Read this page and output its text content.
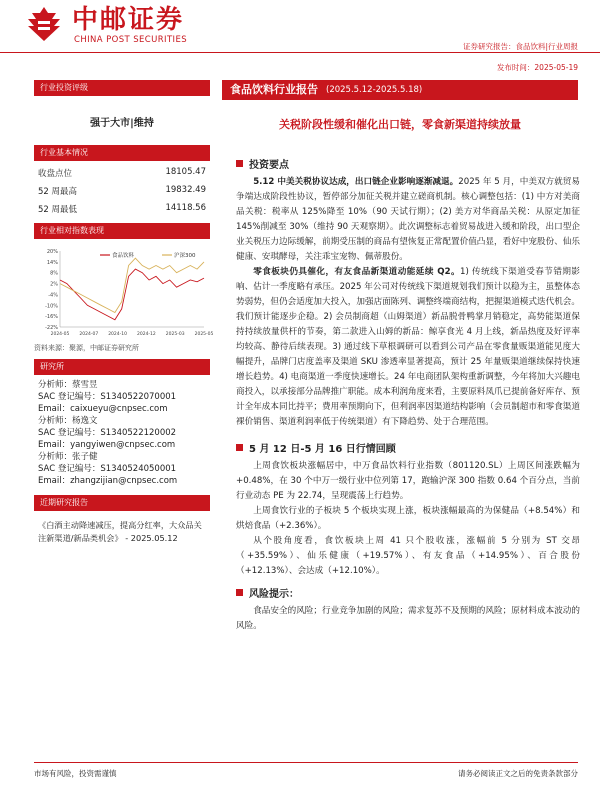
中邮证券
CHINA POST SECURITIES
证券研究报告：食品饮料|行业周报
发布时间：2025-05-19
行业投资评级
强于大市|维持
行业基本情况
收盘点位	18105.47
52 周最高	19832.49
52 周最低	14118.56
行业相对指数表现
20%
14%
8%
2%
-4%
-10%
-16%
-22%
2024-05 2024-07 2024-10 2024-12 2025-03 2025-05
食品饮料	沪深300
资料来源：聚源，中邮证券研究所
研究所
分析师：蔡雪昱
SAC 登记编号：S1340522070001
Email：caixueyu@cnpsec.com
分析师：杨逸文
SAC 登记编号：S1340522120002
Email：yangyiwen@cnpsec.com
分析师：张子健
SAC 登记编号：S1340524050001
Email：zhangzijian@cnpsec.com
近期研究报告
《白酒主动降速减压，提高分红率，大众品关注新渠道/新品类机会》 - 2025.05.12
食品饮料行业报告 (2025.5.12-2025.5.18)
关税阶段性缓和催化出口链，零食新渠道持续放量
投资要点
5.12 中美关税协议达成，出口链企业影响逐渐减退。2025 年 5 月，中美双方就贸易争端达成阶段性协议，暂停部分加征关税并建立磋商机制。核心调整包括：(1) 中方对美商品关税：税率从 125%降至 10%（90 天试行期）；(2) 美方对华商品关税：从原定加征 145%削减至 30%（维持 90 天观察期）。此次调整标志着贸易战进入缓和阶段，出口型企业关税压力边际缓解，前期受压制的商品有望恢复正常配置价值凸显，看好中宠股份、仙乐健康、安琪酵母，关注乖宝宠物、佩蒂股份。
零食板块仍具催化，有友食品新渠道动能延续 Q2。1) 传统线下渠道受春节错期影响、估计一季度略有承压。2025 年公司对传统线下渠道规划我们预计以稳为主，虽整体态势弱势，但仍会适度加大投入，加强店面陈列、调整终端商结构，把握渠道模式迭代机会。我们预计能逐步企稳。2) 会员制商超（山姆渠道）新品脱骨鸭掌月销稳定，高势能渠道保持持续放量供杆的节奏，第二款进入山姆的新品：鲸享食光 4 月上线，新品热度及好评率均较高、静待后续表现。3) 通过线下草根调研可以看到公司产品在零食量贩渠道能见度大幅提升，品牌门店度盖率及渠道 SKU 渗透率显著提高，预计 25 年量贩渠道继续保持快速增长趋势。4) 电商渠道一季度快速增长。24 年电商团队架构重新调整，今年将加大兴趣电商投入，以承接部分品牌推广职能。成本利润角度来看，主要原料凤爪已提前备好库存、预计全年成本同比持平；费用率预期向下，但利润率因渠道结构影响（会员制超市和零食渠道裸价销售、渠道利润率低于传统渠道）有下降趋势、处于合理范围。
5 月 12 日-5 月 16 日行情回顾
上周食饮板块涨幅居中，中万食品饮料行业指数（801120.SL）上周区间涨跌幅为+0.48%，在 30 个中万一级行业中位列第 17，跑输沪深 300 指数 0.64 个百分点，当前行业动态 PE 为 22.74，呈现震荡上行趋势。
上周食饮行业的子板块 5 个板块实现上涨，板块涨幅最高的为保健品（+8.54%）和烘焙食品（+2.36%）。
从个股角度看，食饮板块上周 41 只个股收涨，涨幅前 5 分别为 ST 交昂（+35.59%）、仙乐健康（+19.57%）、有友食品（+14.95%）、百合股份（+12.13%）、会达成（+12.10%）。
风险提示：
食品安全的风险；行业竞争加剧的风险；需求复苏不及预期的风险；原材料成本波动的风险。
市场有风险，投资需谨慎	请务必阅读正文之后的免责条款部分
